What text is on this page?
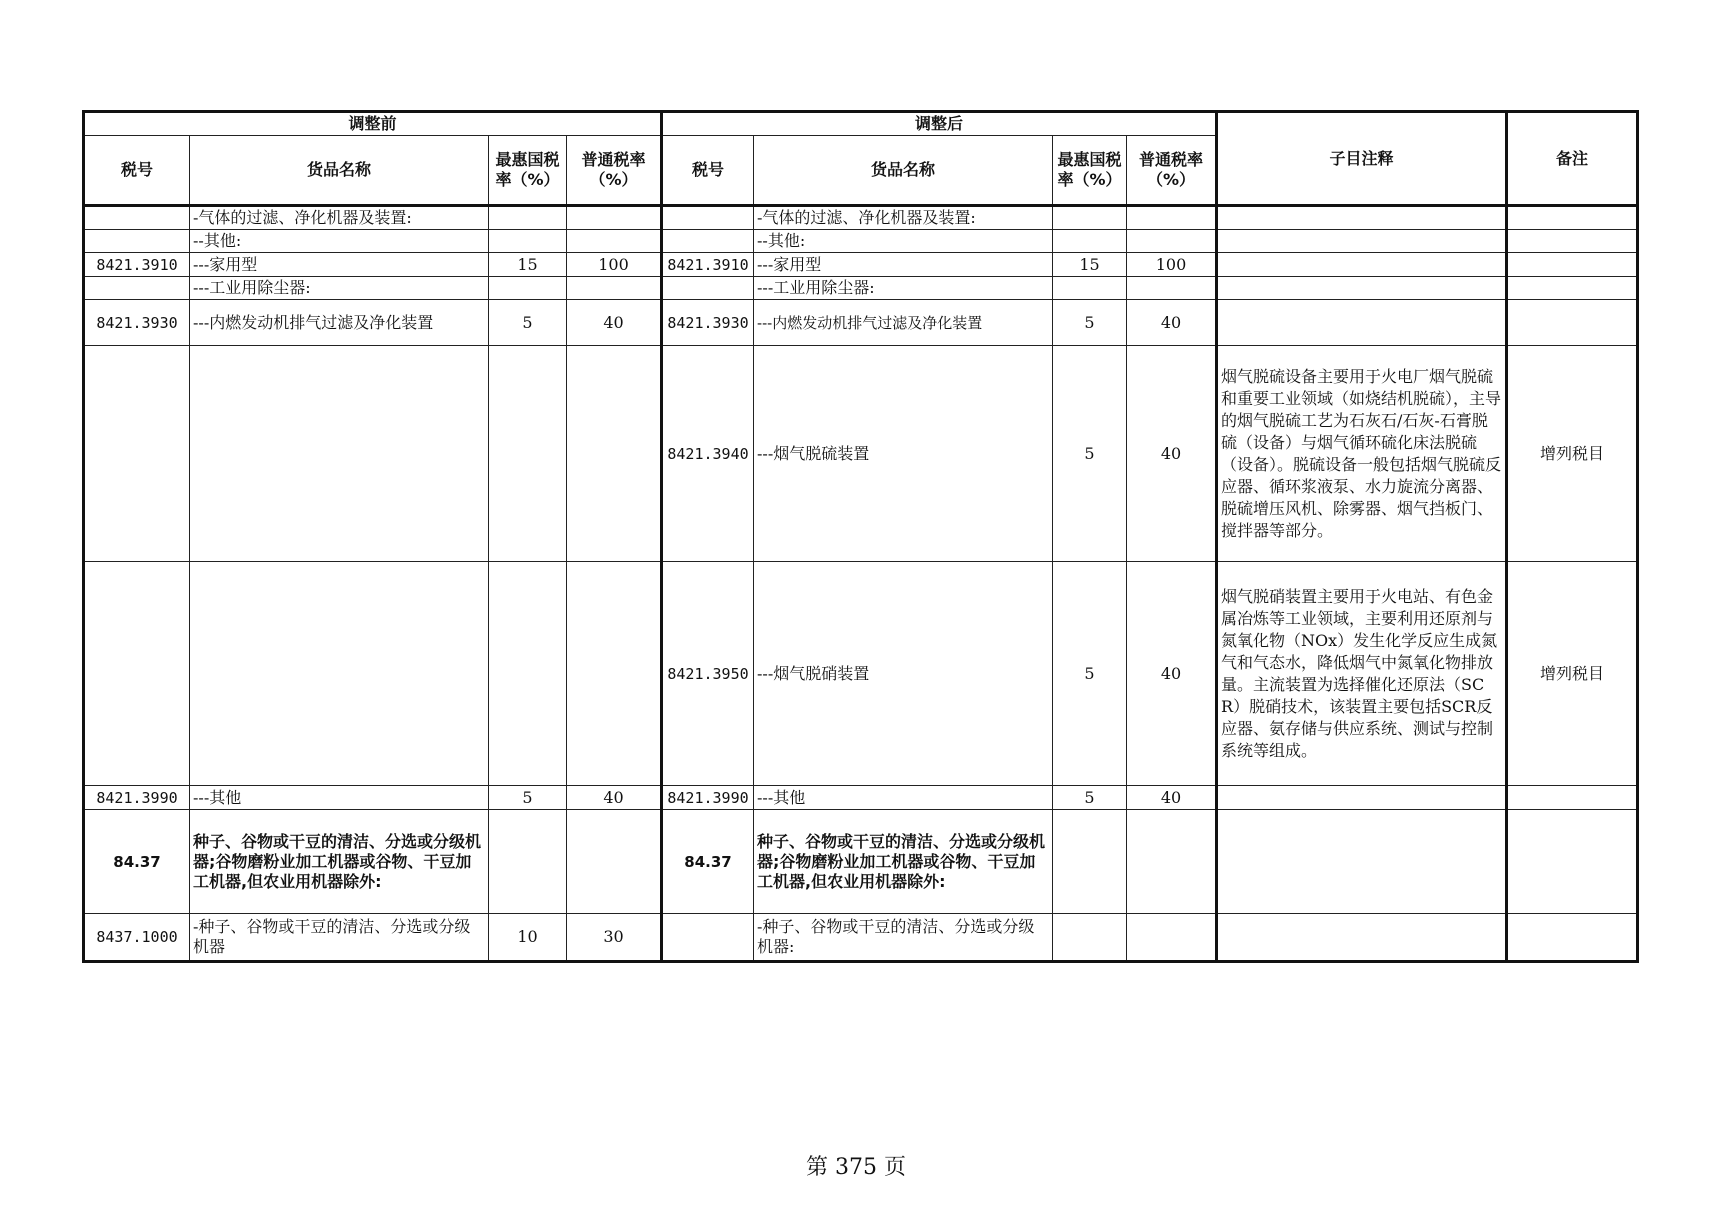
调整前				调整后				子目注释	备注
税号	货品名称	最惠国税率（%）	普通税率（%）	税号	货品名称	最惠国税率（%）	普通税率（%）		
	-气体的过滤、净化机器及装置:				-气体的过滤、净化机器及装置:				
	--其他:				--其他:				
8421.3910	---家用型	15	100	8421.3910	---家用型	15	100		
	---工业用除尘器:				---工业用除尘器:				
8421.3930	---内燃发动机排气过滤及净化装置	5	40	8421.3930	---内燃发动机排气过滤及净化装置	5	40		
				8421.3940	---烟气脱硫装置	5	40	烟气脱硫设备主要用于火电厂烟气脱硫和重要工业领域（如烧结机脱硫），主导的烟气脱硫工艺为石灰石/石灰-石膏脱硫（设备）与烟气循环硫化床法脱硫（设备）。脱硫设备一般包括烟气脱硫反应器、循环浆液泵、水力旋流分离器、脱硫增压风机、除雾器、烟气挡板门、搅拌器等部分。	增列税目
				8421.3950	---烟气脱硝装置	5	40	烟气脱硝装置主要用于火电站、有色金属冶炼等工业领域，主要利用还原剂与氮氧化物（NOx）发生化学反应生成氮气和气态水，降低烟气中氮氧化物排放量。主流装置为选择催化还原法（SCR）脱硝技术，该装置主要包括SCR反应器、氨存储与供应系统、测试与控制系统等组成。	增列税目
8421.3990	---其他	5	40	8421.3990	---其他	5	40		
84.37	种子、谷物或干豆的清洁、分选或分级机器;谷物磨粉业加工机器或谷物、干豆加工机器,但农业用机器除外:			84.37	种子、谷物或干豆的清洁、分选或分级机器;谷物磨粉业加工机器或谷物、干豆加工机器,但农业用机器除外:				
8437.1000	-种子、谷物或干豆的清洁、分选或分级机器	10	30		-种子、谷物或干豆的清洁、分选或分级机器:				
第 375 页
